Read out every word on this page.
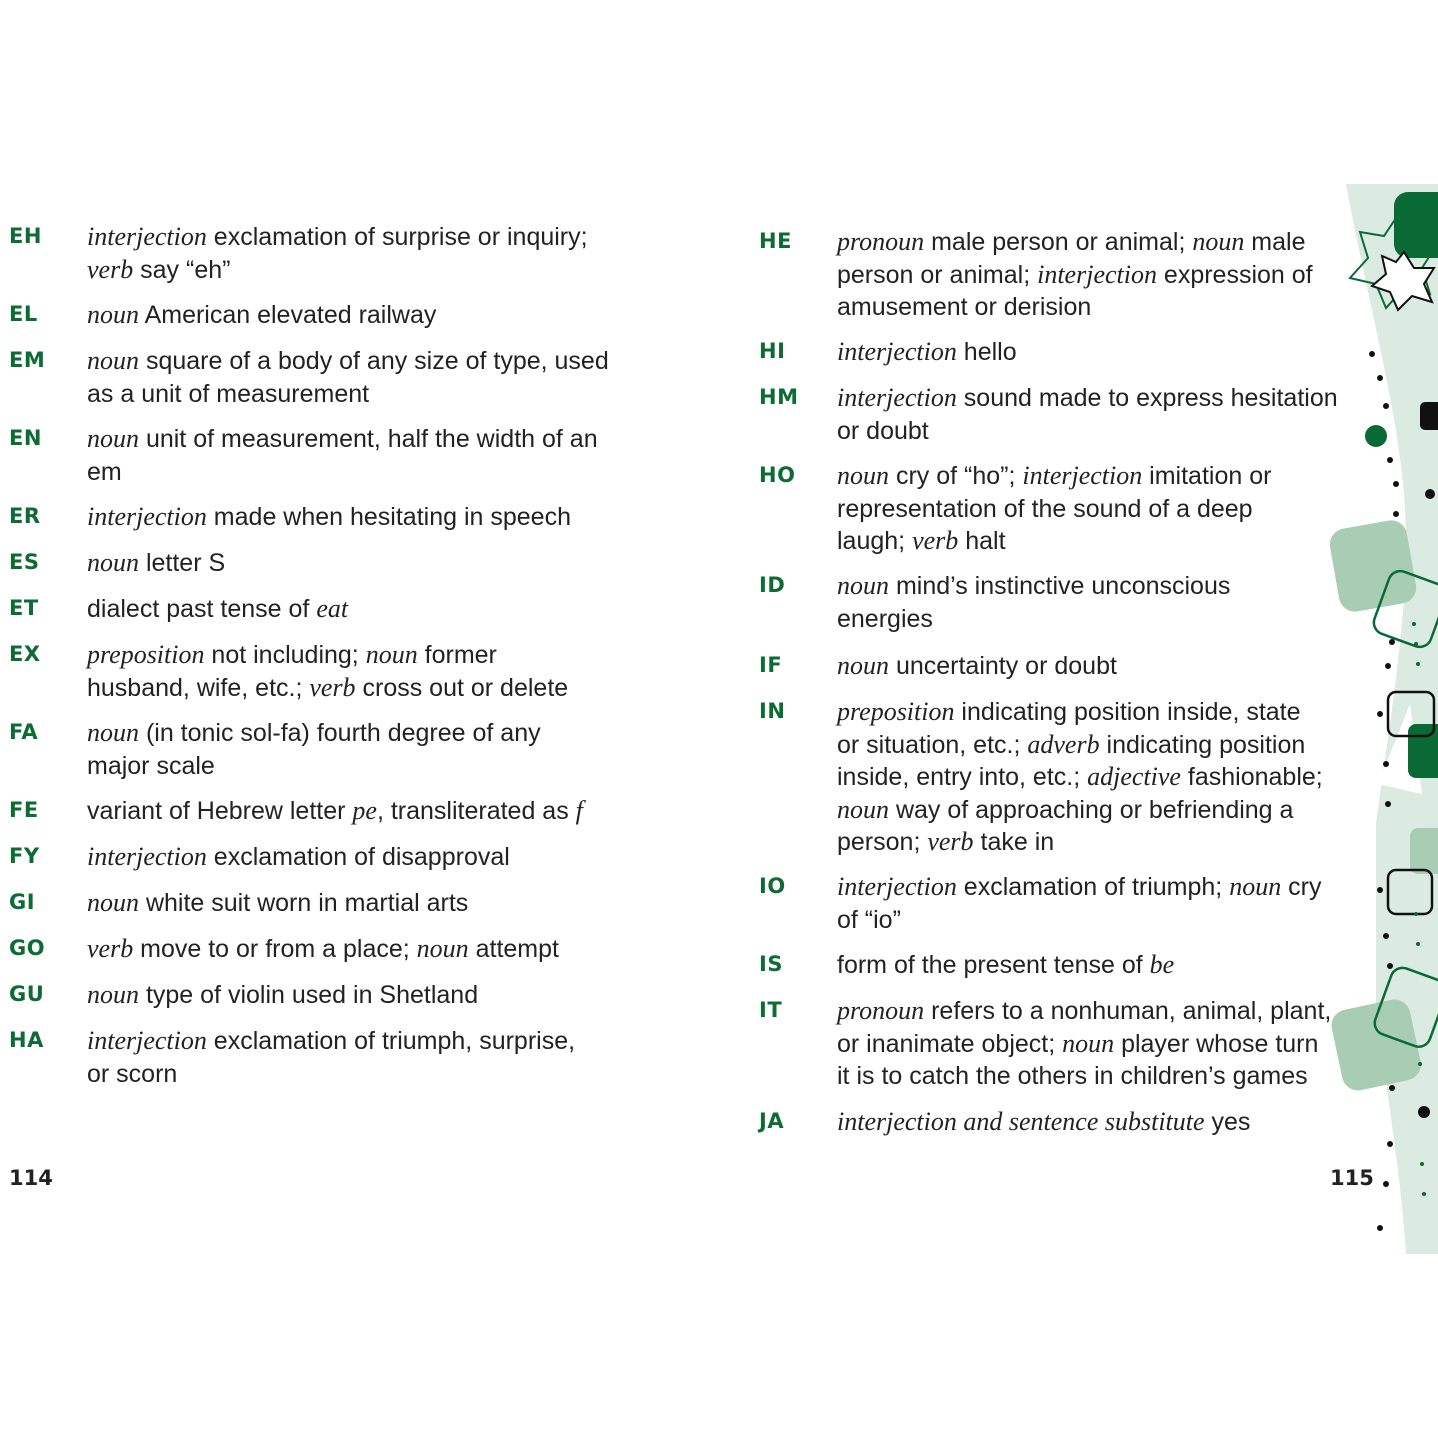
EH interjection exclamation of surprise or inquiry;
verb say “eh”
EL noun American elevated railway
EM noun square of a body of any size of type, used
as a unit of measurement
EN noun unit of measurement, half the width of an
em
ER interjection made when hesitating in speech
ES noun letter S
ET dialect past tense of eat
EX preposition not including; noun former
husband, wife, etc.; verb cross out or delete
FA noun (in tonic sol-fa) fourth degree of any
major scale
FE variant of Hebrew letter pe, transliterated as f
FY interjection exclamation of disapproval
GI noun white suit worn in martial arts
GO verb move to or from a place; noun attempt
GU noun type of violin used in Shetland
HA interjection exclamation of triumph, surprise,
or scorn
114
HE pronoun male person or animal; noun male
person or animal; interjection expression of
amusement or derision
HI interjection hello
HM interjection sound made to express hesitation
or doubt
HO noun cry of “ho”; interjection imitation or
representation of the sound of a deep
laugh; verb halt
ID noun mind’s instinctive unconscious
energies
IF noun uncertainty or doubt
IN preposition indicating position inside, state
or situation, etc.; adverb indicating position
inside, entry into, etc.; adjective fashionable;
noun way of approaching or befriending a
person; verb take in
IO interjection exclamation of triumph; noun cry
of “io”
IS form of the present tense of be
IT pronoun refers to a nonhuman, animal, plant,
or inanimate object; noun player whose turn
it is to catch the others in children’s games
JA interjection and sentence substitute yes
115
